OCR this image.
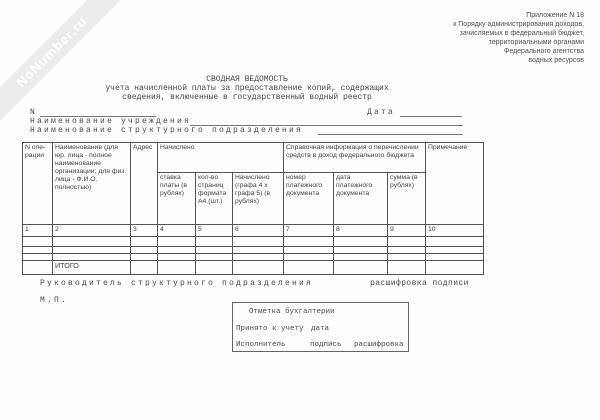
NoNumber.ru	Приложение N 18
к Порядку администрирования доходов,
зачисляемых в федеральный бюджет,
территориальными органами
Федерального агентства
водных ресурсов
СВОДНАЯ ВЕДОМОСТЬ
учета начисленной платы за предоставление копий, содержащих
сведения, включенные в государственный водный реестр
N	Дата
Наименование учреждения
Наименование структурного подразделения
N опе-рации	Наименование (для юр. лица - полное наименование организации; для физ. лица - Ф.И.О. полностью)	Адрес	Начислено			Справочная информация о перечислении средств в доход федерального бюджета			Примечание
			ставка платы (в рублях)	кол-во страниц формата А4 (шт.)	Начислено (графа 4 х графа 5) (в рублях)	номер платежного документа	дата платежного документа	сумма (в рублях)	
1	2	3	4	5	6	7	8	9	10

	ИТОГО								
Руководитель структурного подразделения	расшифровка подписи
М.П.
Отметка бухгалтерии
Принято к учету дата
Исполнитель	подпись расшифровка
